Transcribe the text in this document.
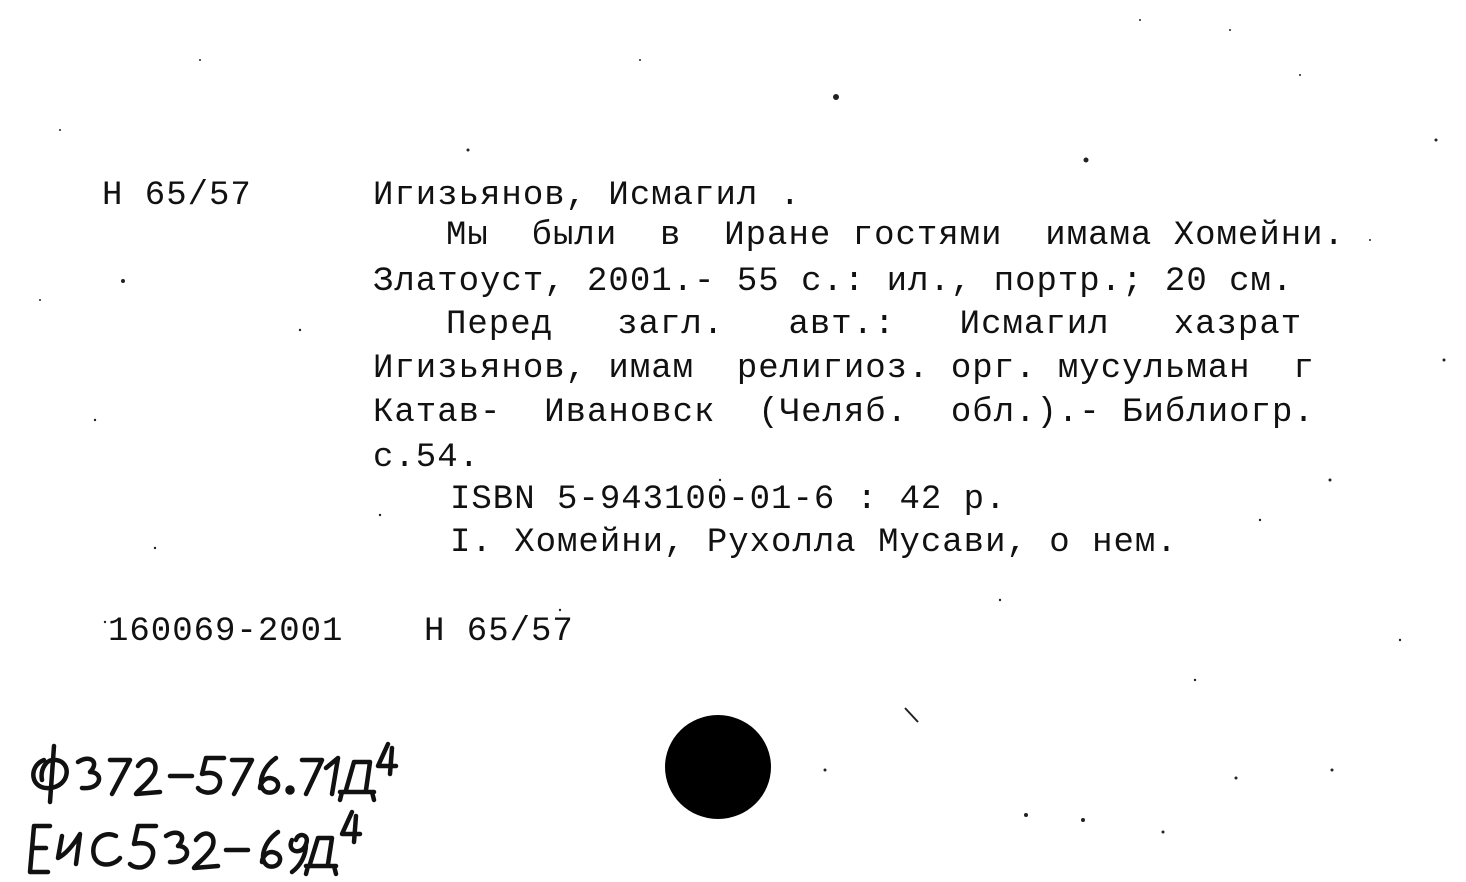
Н 65/57	Игизьянов, Исмагил .
Мы  были  в  Иране гостями  имама Хомейни.
Златоуст, 2001.- 55 с.: ил., портр.; 20 см.
Перед   загл.   авт.:   Исмагил   хазрат
Игизьянов, имам  религиоз. орг. мусульман  г
Катав-  Ивановск  (Челяб.  обл.).- Библиогр.
с.54.
ISBN 5-943100-01-6 : 42 р.
I. Хомейни, Рухолла Мусави, о нем.
160069-2001 Н 65/57
